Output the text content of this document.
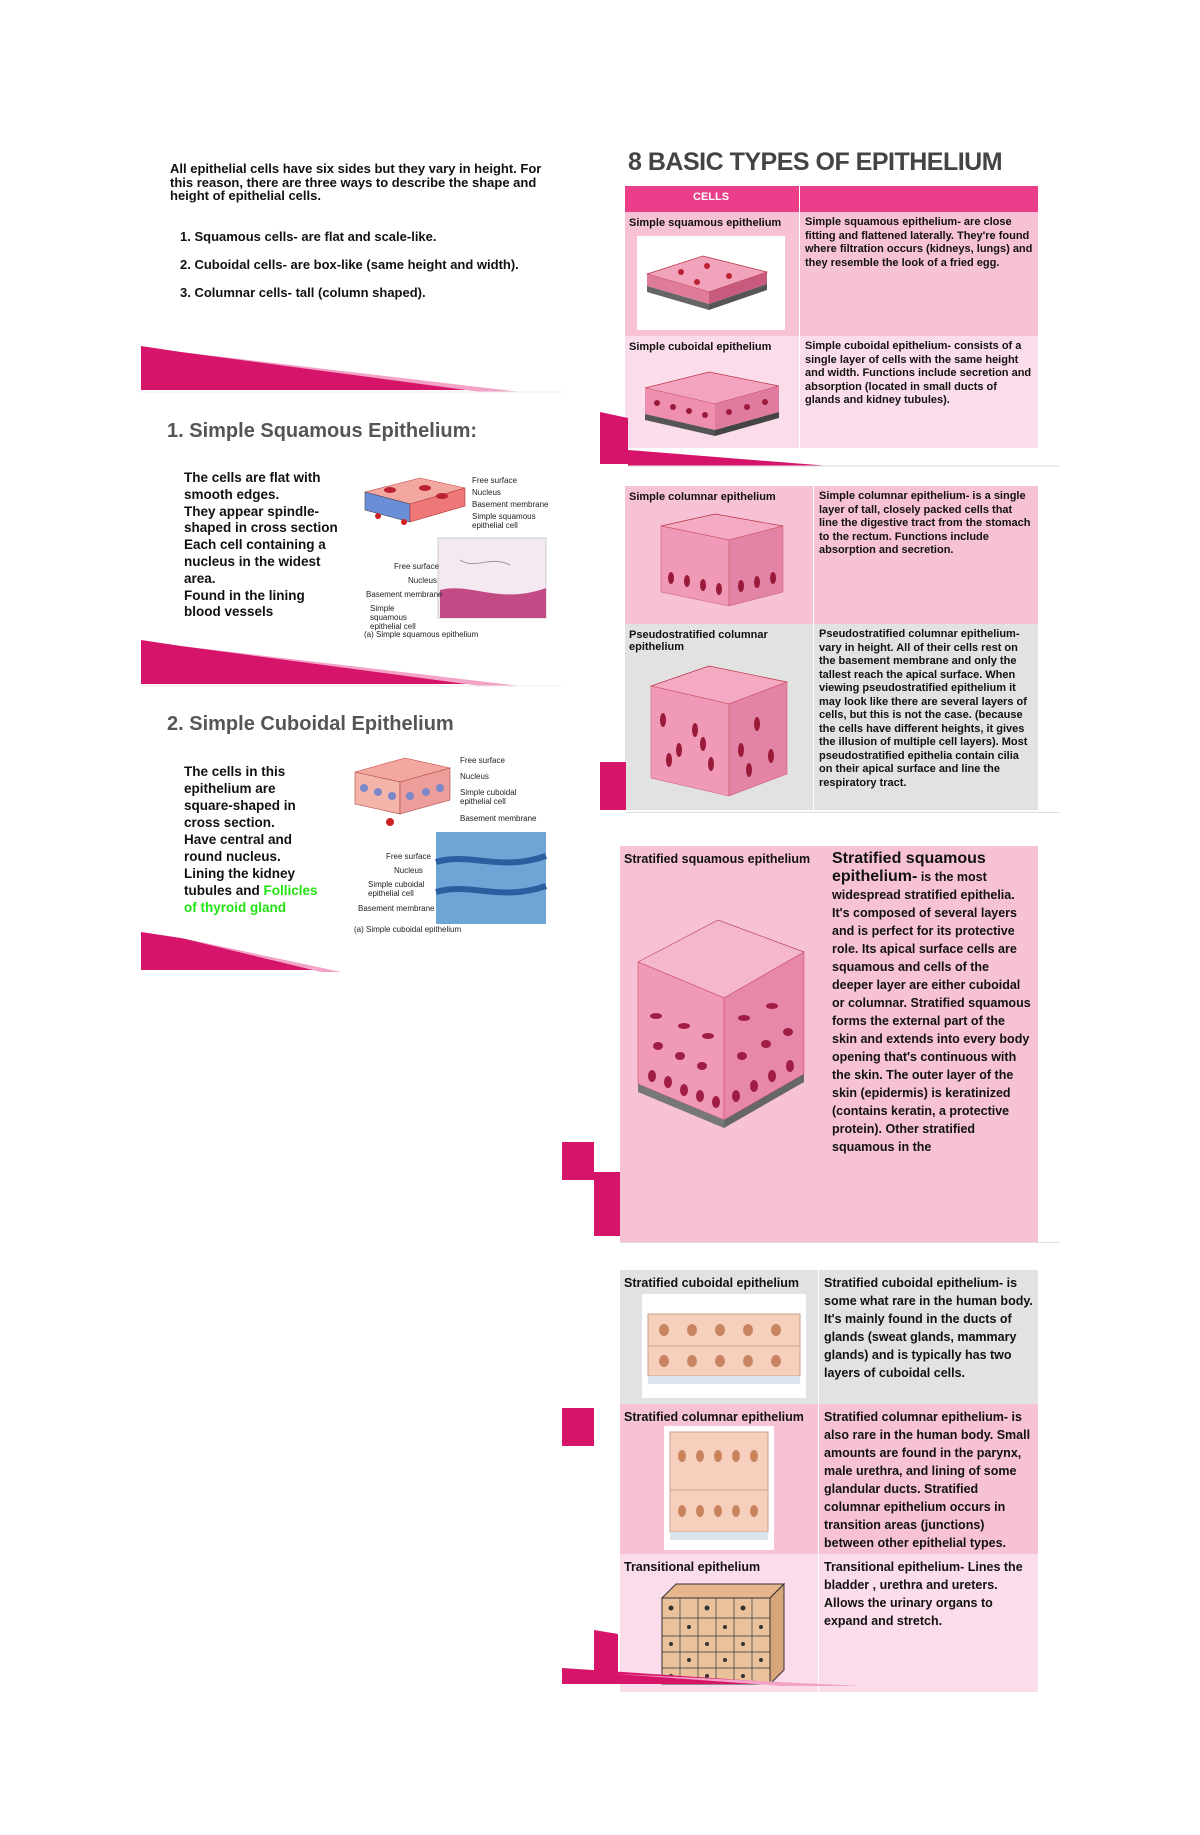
All epithelial cells have six sides but they vary in height. For this reason, there are three ways to describe the shape and height of epithelial cells.
1. Squamous cells- are flat and scale-like.
2. Cuboidal cells- are box-like (same height and width).
3. Columnar cells- tall (column shaped).
1. Simple Squamous Epithelium:
The cells are flat with
smooth edges.
They appear spindle-
shaped in cross section
Each cell containing a
nucleus in the widest
area.
Found in the lining
blood vessels
Free surface
Nucleus
Basement membrane
Simple squamous epithelial cell
Free surface
Nucleus
Basement membrane
Simple squamous epithelial cell
(a) Simple squamous epithelium
2. Simple Cuboidal Epithelium
The cells in this
epithelium are
square-shaped in
cross section.
Have central and
round nucleus.
Lining the kidney
tubules and Follicles
of thyroid gland
Free surface
Nucleus
Simple cuboidal epithelial cell
Basement membrane
Free surface
Nucleus
Simple cuboidal epithelial cell
Basement membrane
(a) Simple cuboidal epithelium
8 BASIC TYPES OF EPITHELIUM
CELLS
Simple squamous epithelium Simple squamous epithelium- are close fitting and flattened laterally. They're found where filtration occurs (kidneys, lungs) and they resemble the look of a fried egg.
Simple cuboidal epithelium	Simple cuboidal epithelium- consists of a single layer of cells with the same height and width. Functions include secretion and absorption (located in small ducts of glands and kidney tubules).
Simple columnar epithelium	Simple columnar epithelium- is a single layer of tall, closely packed cells that line the digestive tract from the stomach to the rectum. Functions include absorption and secretion.
Pseudostratified columnar epithelium
Pseudostratified columnar epithelium- vary in height. All of their cells rest on the basement membrane and only the tallest reach the apical surface. When viewing pseudostratified epithelium it may look like there are several layers of cells, but this is not the case. (because the cells have different heights, it gives the illusion of multiple cell layers). Most pseudostratified epithelia contain cilia on their apical surface and line the respiratory tract.
Stratified squamous epithelium Stratified squamous epithelium- is the most widespread stratified epithelia. It's composed of several layers and is perfect for its protective role. Its apical surface cells are squamous and cells of the deeper layer are either cuboidal or columnar. Stratified squamous forms the external part of the skin and extends into every body opening that's continuous with the skin. The outer layer of the skin (epidermis) is keratinized (contains keratin, a protective protein). Other stratified squamous in the
Stratified cuboidal epithelium Stratified cuboidal epithelium- is some what rare in the human body. It's mainly found in the ducts of glands (sweat glands, mammary glands) and is typically has two layers of cuboidal cells.
Stratified columnar epithelium Stratified columnar epithelium- is also rare in the human body. Small amounts are found in the parynx, male urethra, and lining of some glandular ducts. Stratified columnar epithelium occurs in transition areas (junctions) between other epithelial types.
Transitional epithelium	Transitional epithelium- Lines the bladder , urethra and ureters. Allows the urinary organs to expand and stretch.
